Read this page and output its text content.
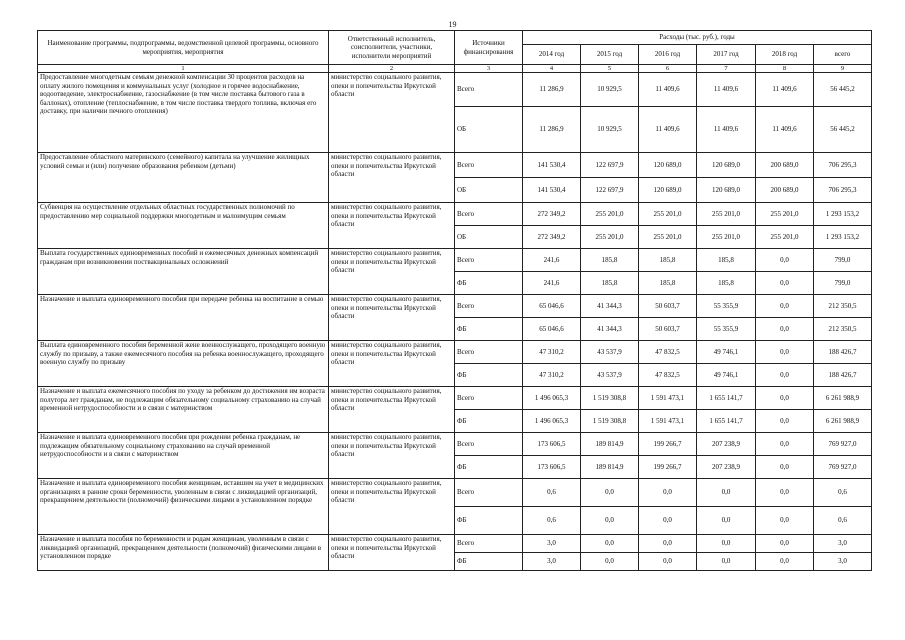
19
Наименование программы, подпрограммы, ведомственной целевой программы, основного мероприятия, мероприятия	Ответственный исполнитель, соисполнители, участники, исполнители мероприятий	Источники финансирования	Расходы (тыс. руб.), годы					
			2014 год	2015 год	2016 год	2017 год	2018 год	всего
1	2	3	4	5	6	7	8	9
Предоставление многодетным семьям денежной компенсации 30 процентов расходов на оплату жилого помещения и коммунальных услуг (холодное и горячее водоснабжение, водоотведение, электроснабжение, газоснабжение (в том числе поставка бытового газа в баллонах), отопление (теплоснабжение, в том числе поставка твердого топлива, включая его доставку, при наличии печного отопления)	министерство социального развития, опеки и попечительства Иркутской области	Всего	11 286,9	10 929,5	11 409,6	11 409,6	11 409,6	56 445,2
		ОБ	11 286,9	10 929,5	11 409,6	11 409,6	11 409,6	56 445,2
Предоставление областного материнского (семейного) капитала на улучшение жилищных условий семьи и (или) получение образования ребенком (детьми)	министерство социального развития, опеки и попечительства Иркутской области	Всего	141 530,4	122 697,9	120 689,0	120 689,0	200 689,0	706 295,3
		ОБ	141 530,4	122 697,9	120 689,0	120 689,0	200 689,0	706 295,3
Субвенция на осуществление отдельных областных государственных полномочий по предоставлению мер социальной поддержки многодетным и малоимущим семьям	министерство социального развития, опеки и попечительства Иркутской области	Всего	272 349,2	255 201,0	255 201,0	255 201,0	255 201,0	1 293 153,2
		ОБ	272 349,2	255 201,0	255 201,0	255 201,0	255 201,0	1 293 153,2
Выплата государственных единовременных пособий и ежемесячных денежных компенсаций гражданам при возникновении поствакцинальных осложнений	министерство социального развития, опеки и попечительства Иркутской области	Всего	241,6	185,8	185,8	185,8	0,0	799,0
		ФБ	241,6	185,8	185,8	185,8	0,0	799,0
Назначение и выплата единовременного пособия при передаче ребенка на воспитание в семью	министерство социального развития, опеки и попечительства Иркутской области	Всего	65 046,6	41 344,3	50 603,7	55 355,9	0,0	212 350,5
		ФБ	65 046,6	41 344,3	50 603,7	55 355,9	0,0	212 350,5
Выплата единовременного пособия беременной жене военнослужащего, проходящего военную службу по призыву, а также ежемесячного пособия на ребенка военнослужащего, проходящего военную службу по призыву	министерство социального развития, опеки и попечительства Иркутской области	Всего	47 310,2	43 537,9	47 832,5	49 746,1	0,0	188 426,7
		ФБ	47 310,2	43 537,9	47 832,5	49 746,1	0,0	188 426,7
Назначение и выплата ежемесячного пособия по уходу за ребенком до достижения им возраста полутора лет гражданам, не подлежащим обязательному социальному страхованию на случай временной нетрудоспособности и в связи с материнством	министерство социального развития, опеки и попечительства Иркутской области	Всего	1 496 065,3	1 519 308,8	1 591 473,1	1 655 141,7	0,0	6 261 988,9
		ФБ	1 496 065,3	1 519 308,8	1 591 473,1	1 655 141,7	0,0	6 261 988,9
Назначение и выплата единовременного пособия при рождении ребенка гражданам, не подлежащим обязательному социальному страхованию на случай временной нетрудоспособности и в связи с материнством	министерство социального развития, опеки и попечительства Иркутской области	Всего	173 606,5	189 814,9	199 266,7	207 238,9	0,0	769 927,0
		ФБ	173 606,5	189 814,9	199 266,7	207 238,9	0,0	769 927,0
Назначение и выплата единовременного пособия женщинам, вставшим на учет в медицинских организациях в ранние сроки беременности, уволенным в связи с ликвидацией организаций, прекращением деятельности (полномочий) физическими лицами в установленном порядке	министерство социального развития, опеки и попечительства Иркутской области	Всего	0,6	0,0	0,0	0,0	0,0	0,6
		ФБ	0,6	0,0	0,0	0,0	0,0	0,6
Назначение и выплата пособия по беременности и родам женщинам, уволенным в связи с ликвидацией организаций, прекращением деятельности (полномочий) физическими лицами в установленном порядке	министерство социального развития, опеки и попечительства Иркутской области	Всего	3,0	0,0	0,0	0,0	0,0	3,0
		ФБ	3,0	0,0	0,0	0,0	0,0	3,0
